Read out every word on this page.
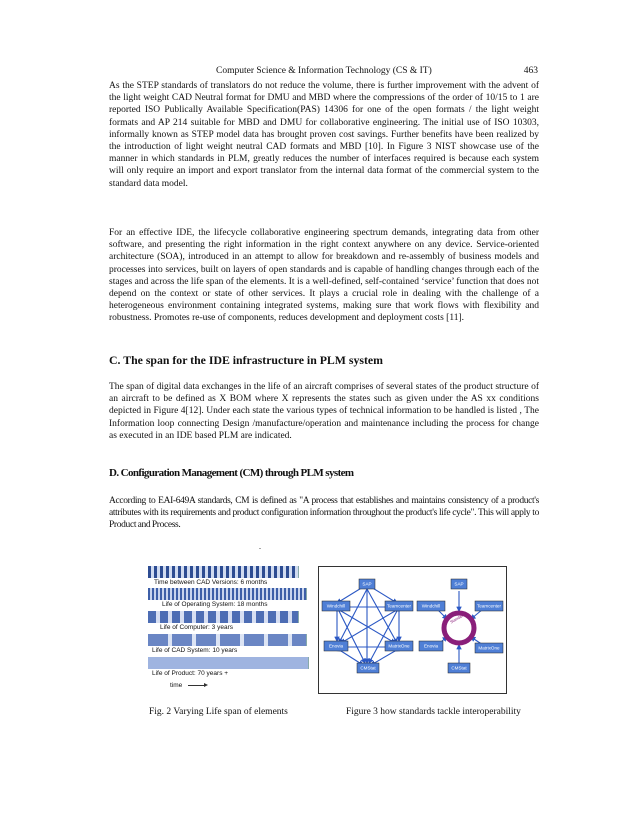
Computer Science & Information Technology (CS & IT)	463

As the STEP standards of translators do not reduce the volume, there is further improvement with the advent of the light weight CAD Neutral format for DMU and MBD where the compressions of the order of 10/15 to 1 are reported ISO Publically Available Specification(PAS) 14306 for one of the open formats / the light weight formats and AP 214 suitable for MBD and DMU for collaborative engineering. The initial use of ISO 10303, informally known as STEP model data has brought proven cost savings. Further benefits have been realized by the introduction of light weight neutral CAD formats and MBD [10]. In Figure 3 NIST showcase use of the manner in which standards in PLM, greatly reduces the number of interfaces required is because each system will only require an import and export translator from the internal data format of the commercial system to the standard data model.

For an effective IDE, the lifecycle collaborative engineering spectrum demands, integrating data from other software, and presenting the right information in the right context anywhere on any device. Service-oriented architecture (SOA), introduced in an attempt to allow for breakdown and re-assembly of business models and processes into services, built on layers of open standards and is capable of handling changes through each of the stages and across the life span of the elements. It is a well-defined, self-contained ‘service’ function that does not depend on the context or state of other services. It plays a crucial role in dealing with the challenge of a heterogeneous environment containing integrated systems, making sure that work flows with flexibility and robustness. Promotes re-use of components, reduces development and deployment costs [11].

C. The span for the IDE infrastructure in PLM system

The span of digital data exchanges in the life of an aircraft comprises of several states of the product structure of an aircraft to be defined as X BOM where X represents the states such as given under the AS xx conditions depicted in Figure 4[12]. Under each state the various types of technical information to be handled is listed , The Information loop connecting Design /manufacture/operation and maintenance including the process for change as executed in an IDE based PLM are indicated.

D. Configuration Management (CM) through PLM system

According to EAI-649A standards, CM is defined as "A process that establishes and maintains consistency of a product's attributes with its requirements and product configuration information throughout the product's life cycle". This will apply to Product and Process.

.
Time between CAD Versions: 6 months
Life of Operating System: 18 months
Life of Computer: 3 years
Life of CAD System: 10 years
Life of Product: 70 years +
time
SAP
Windchill	Teamcenter
Enovia	MatrixOne
CMStat
Standards
SAP
Windchill	Teamcenter
Enovia	MatrixOne
CMStat
Fig. 2 Varying Life span of elements	Figure 3 how standards tackle interoperability
